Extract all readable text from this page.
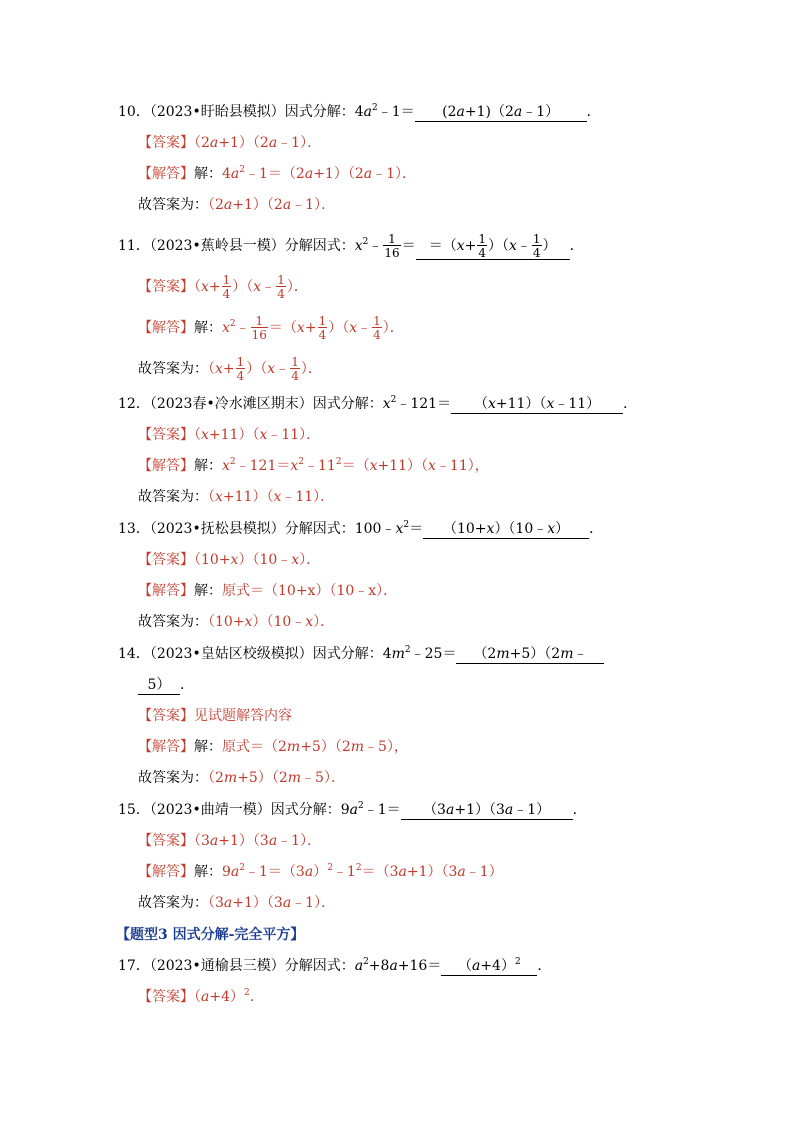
10．（2023•盱眙县模拟）因式分解：$4a^2﹣1=$ (2a+1)（2a﹣1） ．
【答案】（2a+1）（2a﹣1）．
【解答】解：$4a^2﹣1=(2a+1)(2a﹣1)$．
故答案为：（2a+1）（2a﹣1）．
11．（2023•蕉岭县一模）分解因式：$x^2﹣ \frac{1}{16} = =(x+ \frac{1}{4}$ ）（x﹣ $\frac{1}{4}$ ） ．
【答案】（$x+ \frac{1}{4}$ ）（x﹣ $\frac{1}{4}$ ）．
【解答】解：$x^2﹣ \frac{1}{16} =(x+ \frac{1}{4}$ ）（x﹣ $\frac{1}{4}$ ）．
故答案为：（$x+ \frac{1}{4}$ ）（x﹣ $\frac{1}{4}$ ）．
12．（2023春•冷水滩区期末）因式分解：$x^2﹣121=$ （x+11）（x﹣11） ．
【答案】（x+11）（x﹣11）．
【解答】解：$x^2﹣121=x^2﹣11^2=(x+11)(x﹣11)$，
故答案为：（x+11）（x﹣11）．
13．（2023•抚松县模拟）分解因式：$100﹣x^2=$ （10+x）（10﹣x） ．
【答案】（10+x）（10﹣x）．
【解答】解：原式＝（10+x）（10﹣x）．
故答案为：（10+x）（10﹣x）．
14．（2023•皇姑区校级模拟）因式分解：$4m^2﹣25=$ （2m+5）（2m﹣
5） ．
【答案】见试题解答内容
【解答】解：原式＝（2m+5）（2m﹣5），
故答案为：（2m+5）（2m﹣5）．
15．（2023•曲靖一模）因式分解：$9a^2﹣1=$ （3a+1）（3a﹣1） ．
【答案】（3a+1）（3a﹣1）．
【解答】解：$9a^2﹣1=(3a)^2﹣1^2=(3a+1)(3a﹣1)$
故答案为：（3a+1）（3a﹣1）．
【题型3 因式分解-完全平方】
17．（2023•通榆县三模）分解因式：$a^2+8a+16= (a+4)^2$ ．
【答案】$(a+4)^2$.
